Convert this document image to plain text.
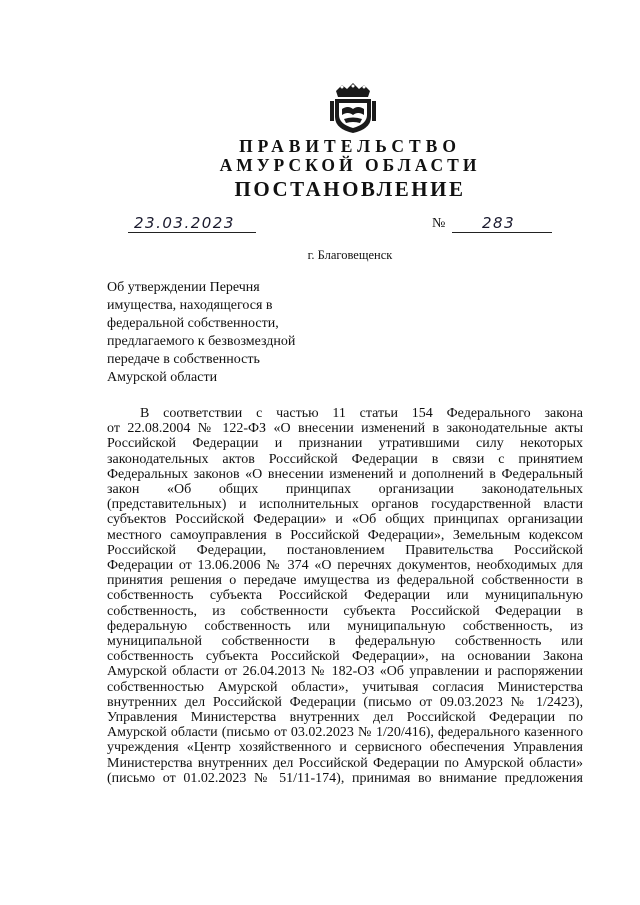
ПРАВИТЕЛЬСТВО
АМУРСКОЙ ОБЛАСТИ
ПОСТАНОВЛЕНИЕ
23.03.2023	№ 283
г. Благовещенск

Об утверждении Перечня
имущества, находящегося в
федеральной собственности,
предлагаемого к безвозмездной
передаче в собственность
Амурской области

В соответствии с частью 11 статьи 154 Федерального закона
от 22.08.2004 № 122-ФЗ «О внесении изменений в законодательные акты
Российской Федерации и признании утратившими силу некоторых
законодательных актов Российской Федерации в связи с принятием
Федеральных законов «О внесении изменений и дополнений в Федеральный
закон «Об общих принципах организации законодательных
(представительных) и исполнительных органов государственной власти
субъектов Российской Федерации» и «Об общих принципах организации
местного самоуправления в Российской Федерации», Земельным кодексом
Российской Федерации, постановлением Правительства Российской
Федерации от 13.06.2006 № 374 «О перечнях документов, необходимых для
принятия решения о передаче имущества из федеральной собственности в
собственность субъекта Российской Федерации или муниципальную
собственность, из собственности субъекта Российской Федерации в
федеральную собственность или муниципальную собственность, из
муниципальной собственности в федеральную собственность или
собственность субъекта Российской Федерации», на основании Закона
Амурской области от 26.04.2013 № 182-ОЗ «Об управлении и распоряжении
собственностью Амурской области», учитывая согласия Министерства
внутренних дел Российской Федерации (письмо от 09.03.2023 № 1/2423),
Управления Министерства внутренних дел Российской Федерации по
Амурской области (письмо от 03.02.2023 № 1/20/416), федерального казенного
учреждения «Центр хозяйственного и сервисного обеспечения Управления
Министерства внутренних дел Российской Федерации по Амурской области»
(письмо от 01.02.2023 № 51/11-174), принимая во внимание предложения
